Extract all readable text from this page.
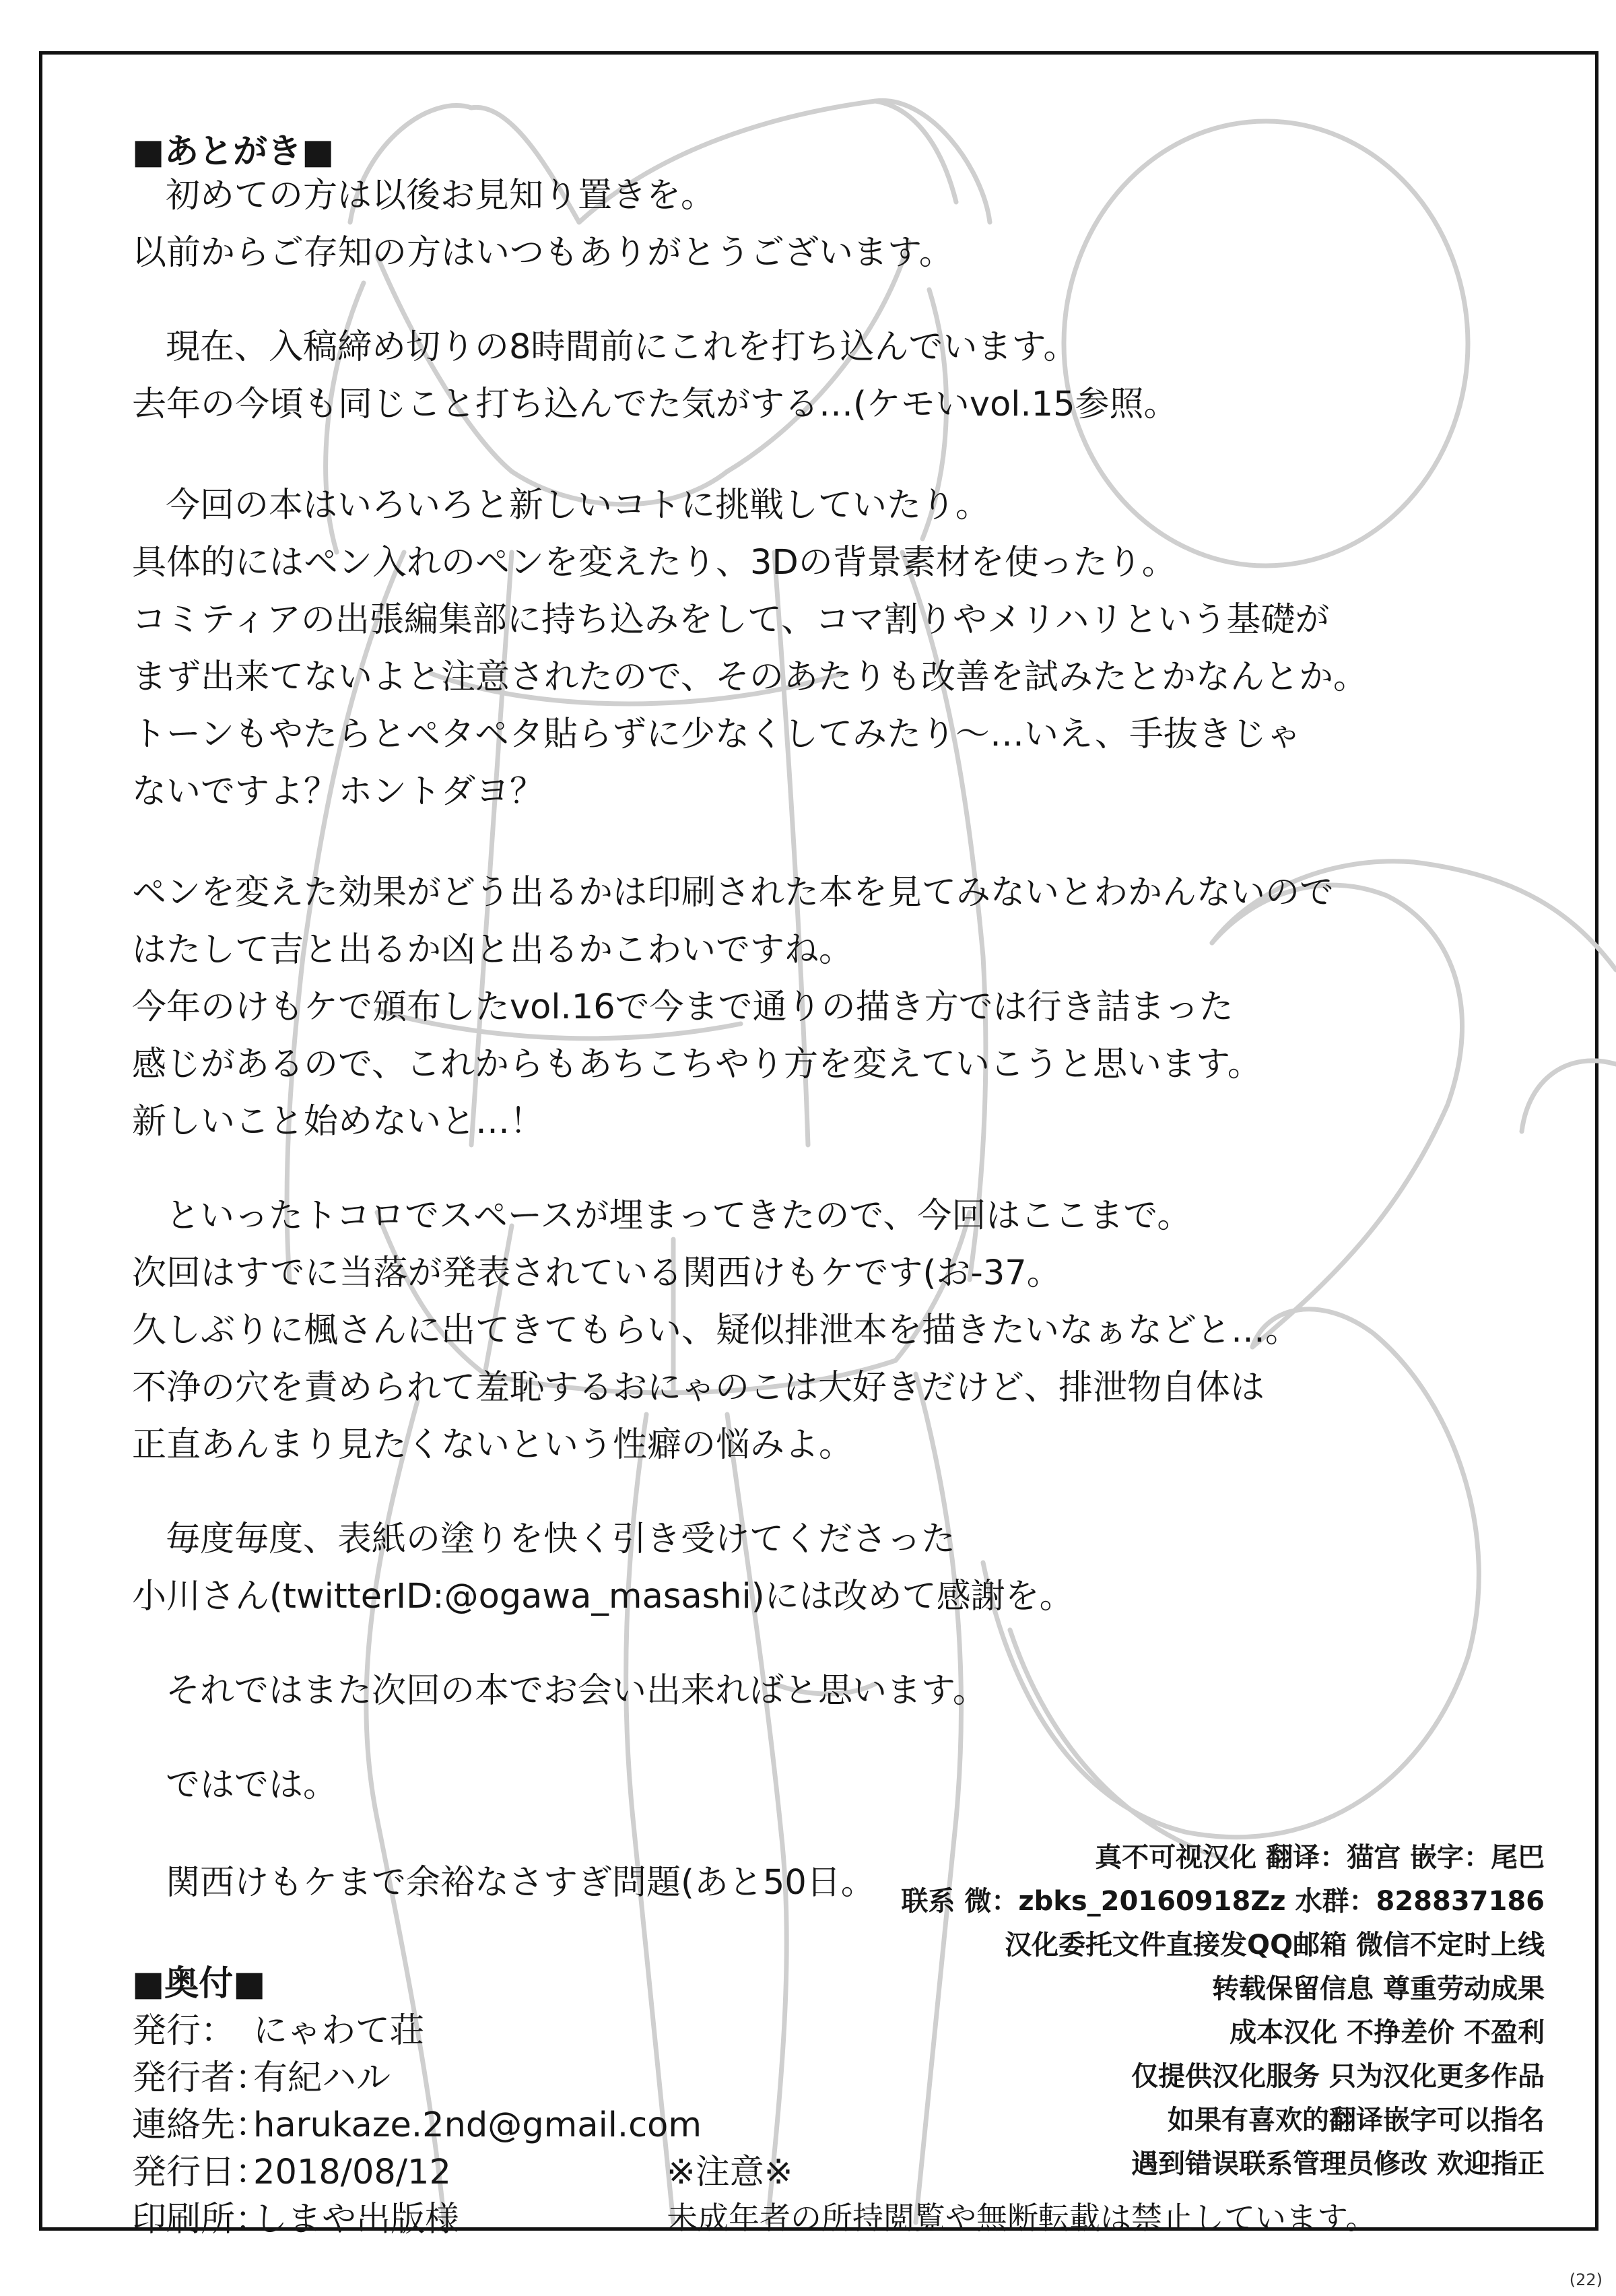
■あとがき■
初めての方は以後お見知り置きを。
以前からご存知の方はいつもありがとうございます。
現在、入稿締め切りの8時間前にこれを打ち込んでいます。
去年の今頃も同じこと打ち込んでた気がする…(ケモいvol.15参照。
今回の本はいろいろと新しいコトに挑戦していたり。
具体的にはペン入れのペンを変えたり、3Dの背景素材を使ったり。
コミティアの出張編集部に持ち込みをして、コマ割りやメリハリという基礎が
まず出来てないよと注意されたので、そのあたりも改善を試みたとかなんとか。
トーンもやたらとペタペタ貼らずに少なくしてみたり～…いえ、手抜きじゃ
ないですよ？ホントダヨ？
ペンを変えた効果がどう出るかは印刷された本を見てみないとわかんないので
はたして吉と出るか凶と出るかこわいですね。
今年のけもケで頒布したvol.16で今まで通りの描き方では行き詰まった
感じがあるので、これからもあちこちやり方を変えていこうと思います。
新しいこと始めないと…！
といったトコロでスペースが埋まってきたので、今回はここまで。
次回はすでに当落が発表されている関西けもケです(お-37。
久しぶりに楓さんに出てきてもらい、疑似排泄本を描きたいなぁなどと…。
不浄の穴を責められて羞恥するおにゃのこは大好きだけど、排泄物自体は
正直あんまり見たくないという性癖の悩みよ。
毎度毎度、表紙の塗りを快く引き受けてくださった
小川さん(twitterID:@ogawa_masashi)には改めて感謝を。
それではまた次回の本でお会い出来ればと思います。
ではでは。
関西けもケまで余裕なさすぎ問題(あと50日。
■奥付■
発行： にゃわて荘
発行者：
有紀ハル
連絡先：
harukaze.2nd@gmail.com
発行日：
2018/08/12
印刷所：
しまや出版様
※注意※
未成年者の所持閲覧や無断転載は禁止しています。
真不可视汉化 翻译：猫宫 嵌字：尾巴
联系 微：zbks_20160918Zz 水群：828837186
汉化委托文件直接发QQ邮箱 微信不定时上线
转载保留信息 尊重劳动成果
成本汉化 不挣差价 不盈利
仅提供汉化服务 只为汉化更多作品
如果有喜欢的翻译嵌字可以指名
遇到错误联系管理员修改 欢迎指正
(22)
